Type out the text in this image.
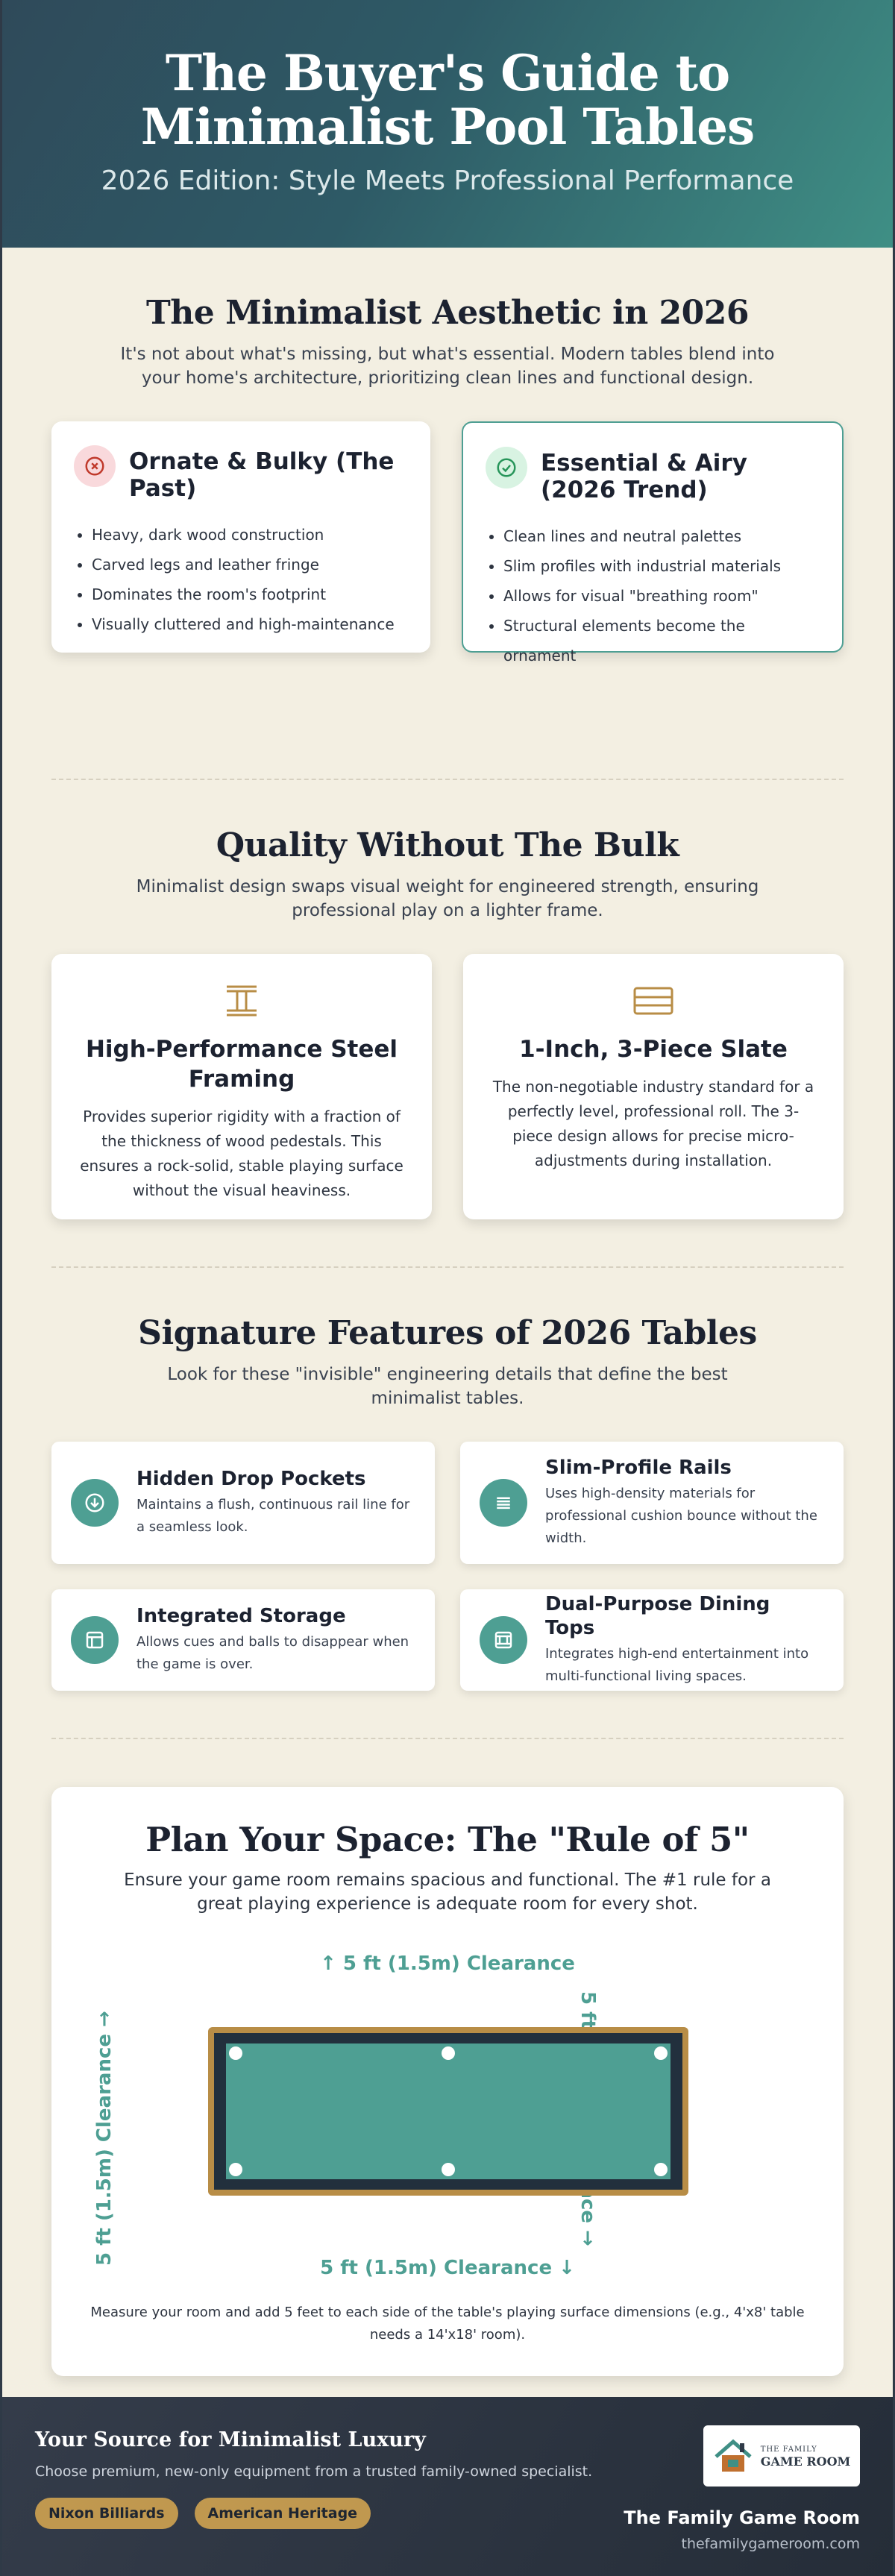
The Buyer's Guide to Minimalist Pool Tables
2026 Edition: Style Meets Professional Performance
The Minimalist Aesthetic in 2026

It's not about what's missing, but what's essential. Modern tables blend into your home's architecture, prioritizing clean lines and functional design.

Ornate & Bulky (The Past)
• Heavy, dark wood construction
• Carved legs and leather fringe
• Dominates the room's footprint
• Visually cluttered and high-maintenance
Essential & Airy (2026 Trend)
• Clean lines and neutral palettes
• Slim profiles with industrial materials
• Allows for visual "breathing room"
• Structural elements become the ornament
Quality Without The Bulk

Minimalist design swaps visual weight for engineered strength, ensuring professional play on a lighter frame.

High-Performance Steel Framing
Provides superior rigidity with a fraction of the thickness of wood pedestals. This ensures a rock-solid, stable playing surface without the visual heaviness.
1-Inch, 3-Piece Slate
The non-negotiable industry standard for a perfectly level, professional roll. The 3-piece design allows for precise micro-adjustments during installation.
Signature Features of 2026 Tables

Look for these "invisible" engineering details that define the best minimalist tables.

Hidden Drop Pockets
Maintains a flush, continuous rail line for a seamless look.
Slim-Profile Rails
Uses high-density materials for professional cushion bounce without the width.
Integrated Storage
Allows cues and balls to disappear when the game is over.
Dual-Purpose Dining Tops
Integrates high-end entertainment into multi-functional living spaces.
Plan Your Space: The "Rule of 5"

Ensure your game room remains spacious and functional. The #1 rule for a great playing experience is adequate room for every shot.

↑ 5 ft (1.5m) Clearance
5 ft (1.5m) Clearance →
5 ft (1.5m) Clearance ↓
Measure your room and add 5 feet to each side of the table's playing surface dimensions (e.g., 4'x8' table needs a 14'x18' room).
Your Source for Minimalist Luxury
Choose premium, new-only equipment from a trusted family-owned specialist.
Nixon Billiards	American Heritage
THE FAMILY
GAME ROOM
The Family Game Room
thefamilygameroom.com
